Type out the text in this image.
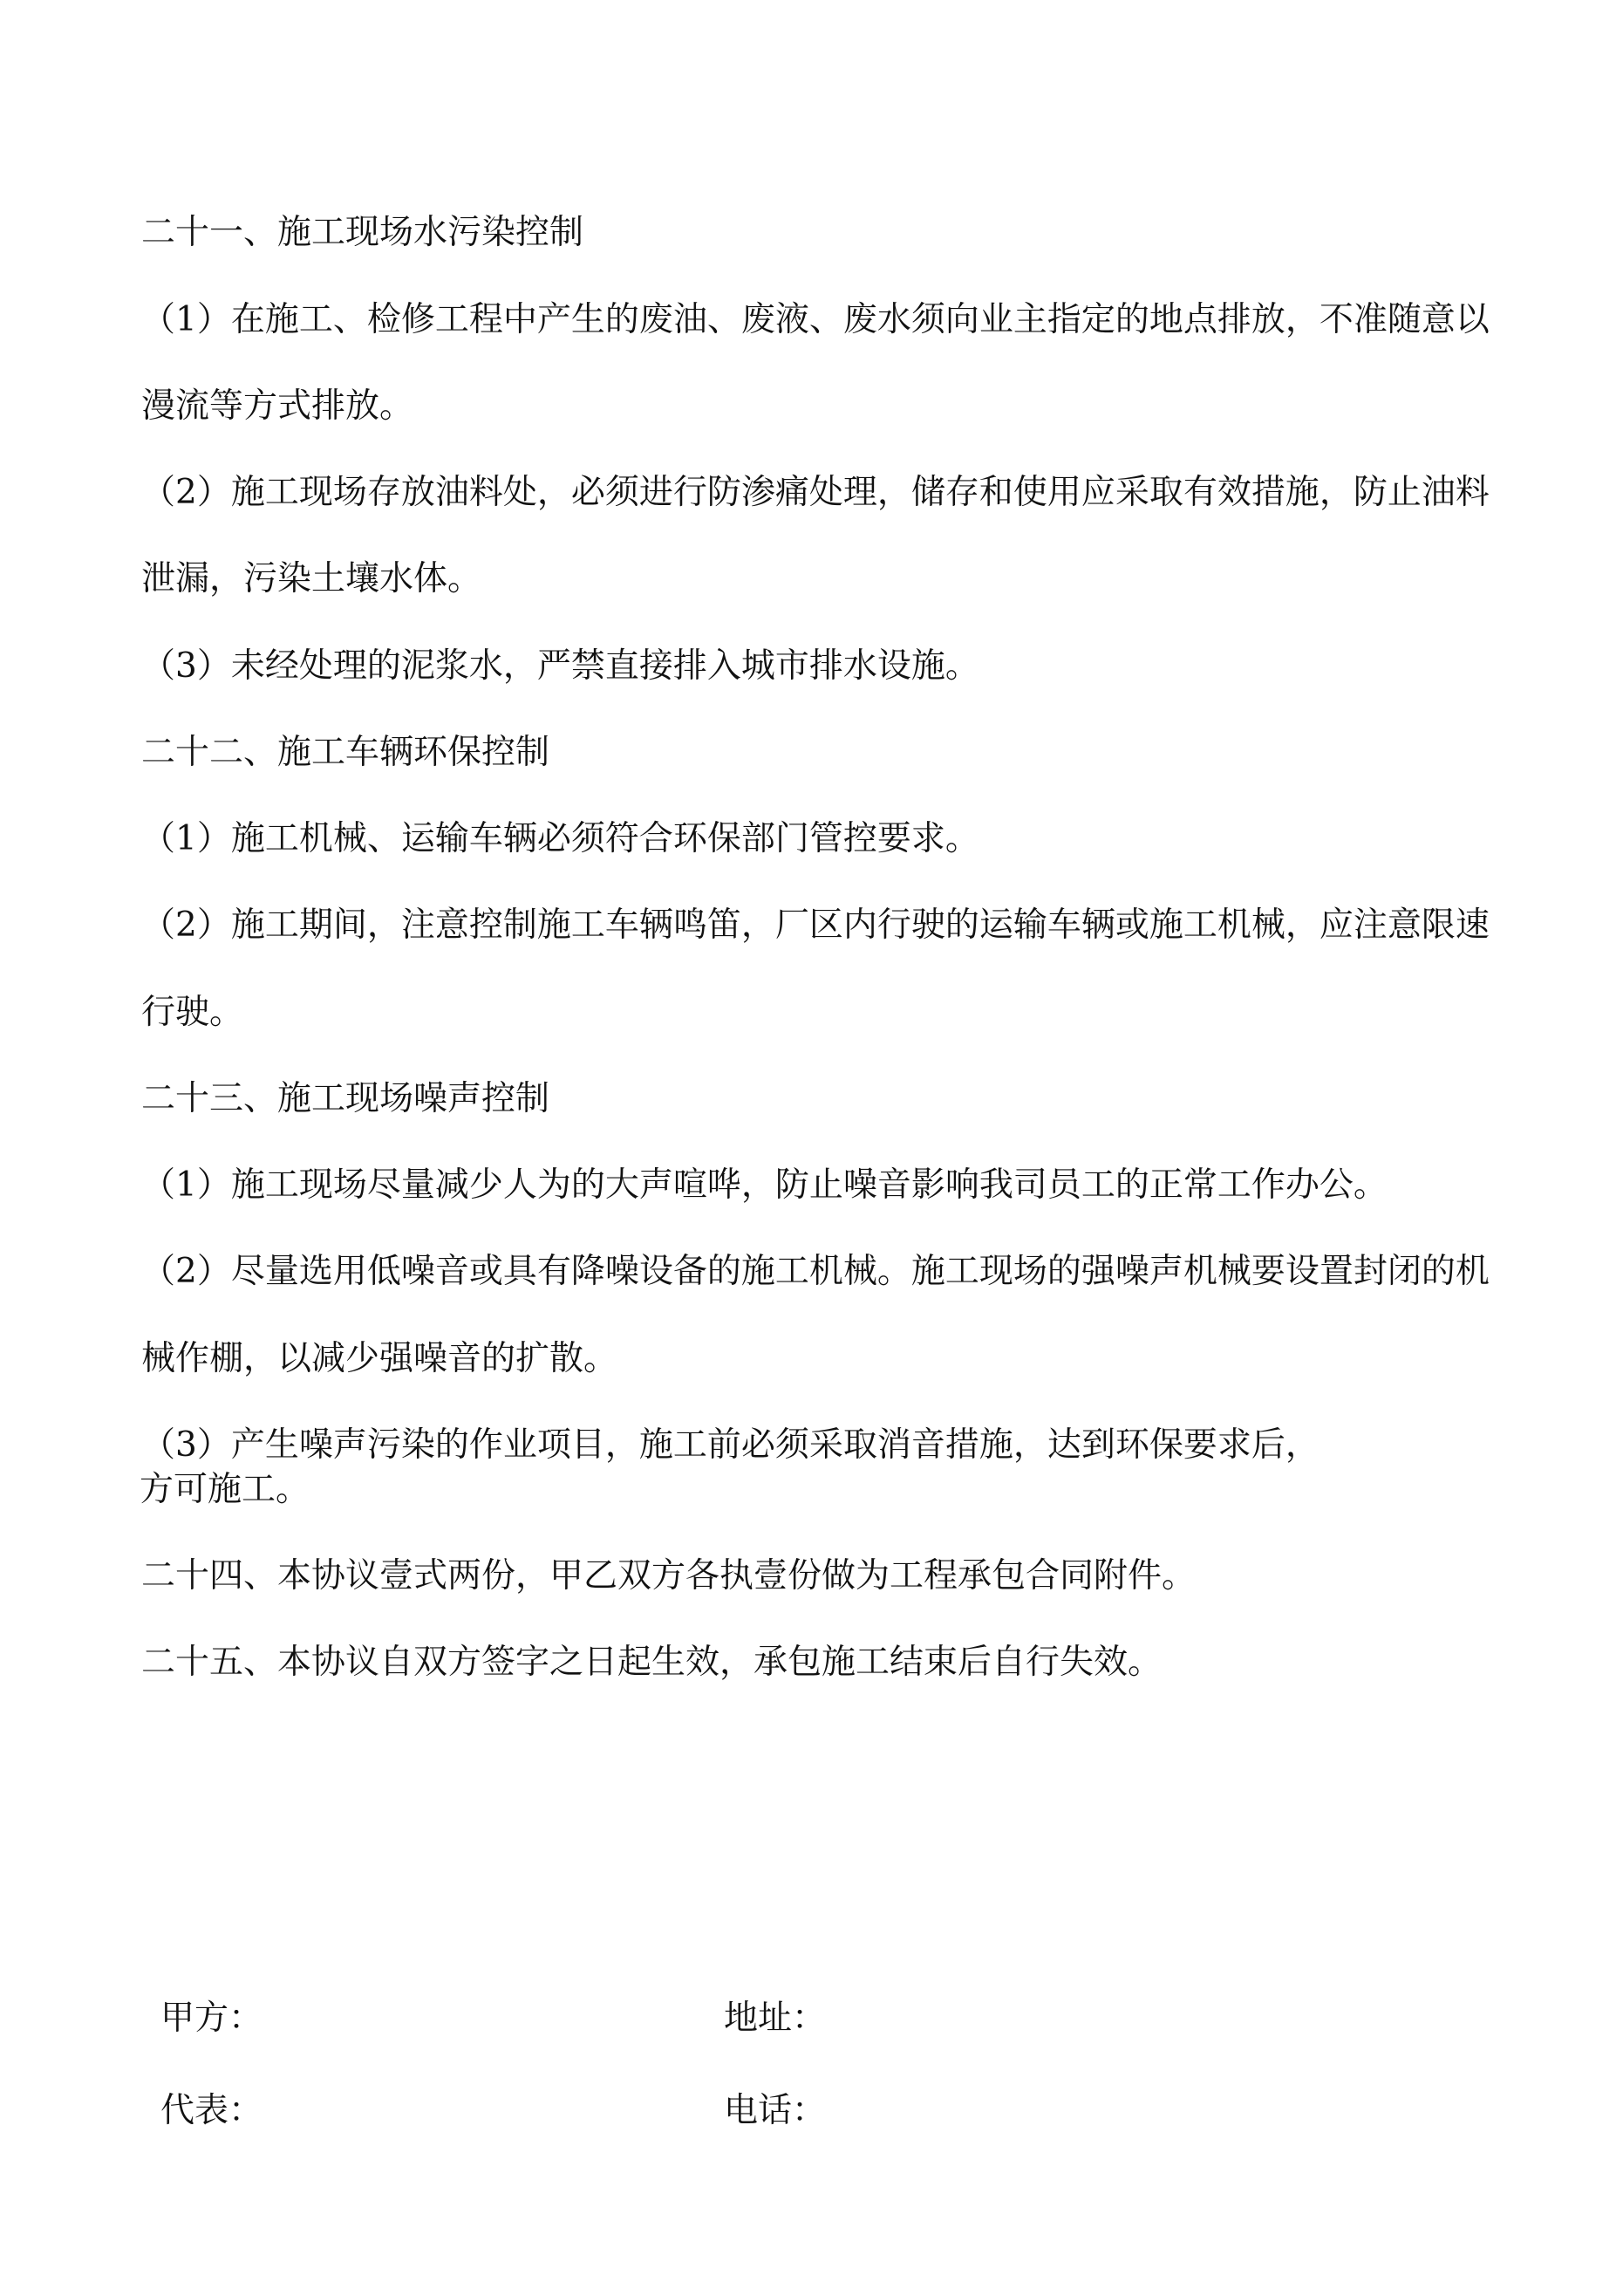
二十一、施工现场水污染控制
（1）在施工、检修工程中产生的废油、废液、废水须向业主指定的地点排放，不准随意以
漫流等方式排放。
（2）施工现场存放油料处，必须进行防渗痛处理，储存和使用应采取有效措施，防止油料
泄漏，污染土壤水体。
（3）未经处理的泥浆水，严禁直接排入城市排水设施。
二十二、施工车辆环保控制
（1）施工机械、运输车辆必须符合环保部门管控要求。
（2）施工期间，注意控制施工车辆鸣笛，厂区内行驶的运输车辆或施工机械，应注意限速
行驶。
二十三、施工现场噪声控制
（1）施工现场尽量减少人为的大声喧哗，防止噪音影响我司员工的正常工作办公。
（2）尽量选用低噪音或具有降噪设备的施工机械。施工现场的强噪声机械要设置封闭的机
械作棚，以减少强噪音的扩散。
（3）产生噪声污染的作业项目，施工前必须采取消音措施，达到环保要求后，
方可施工。
二十四、本协议壹式两份，甲乙双方各执壹份做为工程承包合同附件。
二十五、本协议自双方签字之日起生效，承包施工结束后自行失效。
甲方：	地址：
代表：	电话：
